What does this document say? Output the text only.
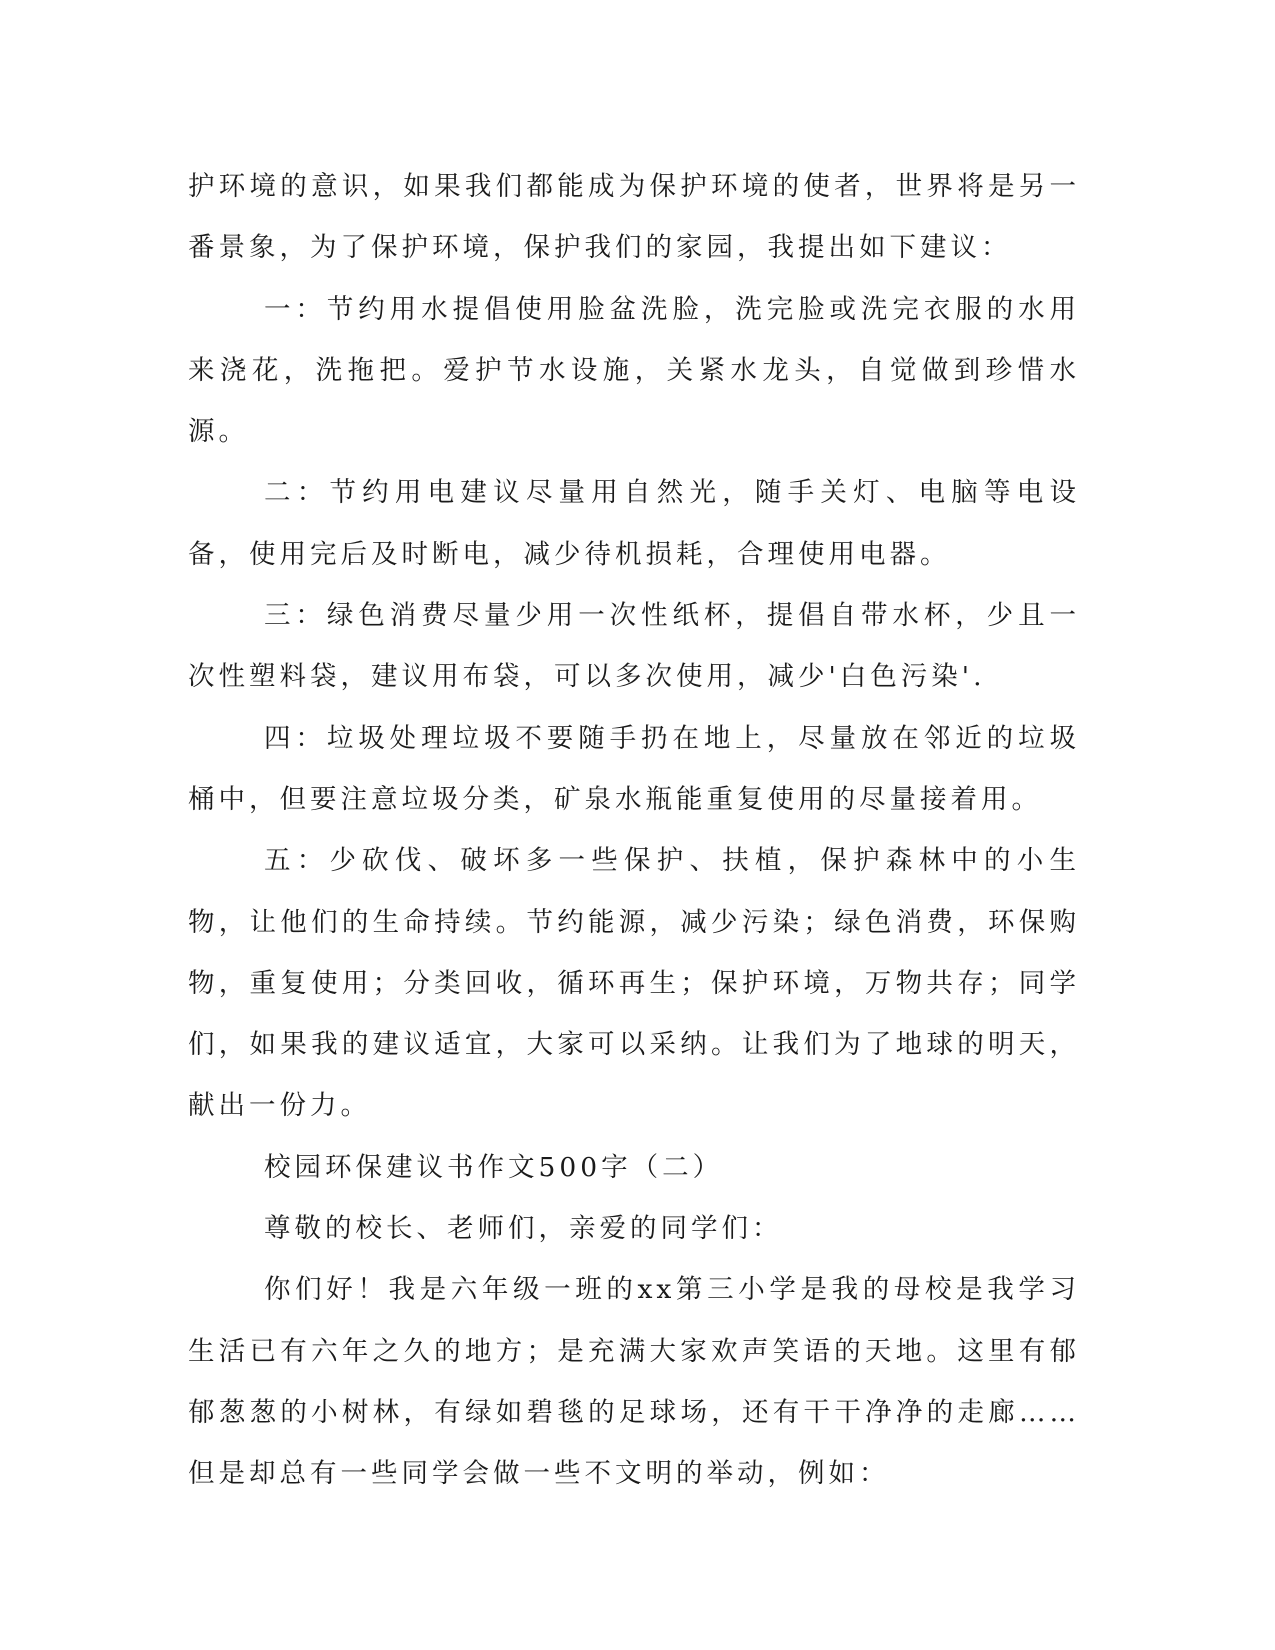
护环境的意识，如果我们都能成为保护环境的使者，世界将是另一番景象，为了保护环境，保护我们的家园，我提出如下建议：

一：节约用水提倡使用脸盆洗脸，洗完脸或洗完衣服的水用来浇花，洗拖把。爱护节水设施，关紧水龙头，自觉做到珍惜水源。

二：节约用电建议尽量用自然光，随手关灯、电脑等电设备，使用完后及时断电，减少待机损耗，合理使用电器。

三：绿色消费尽量少用一次性纸杯，提倡自带水杯，少且一次性塑料袋，建议用布袋，可以多次使用，减少'白色污染'.

四：垃圾处理垃圾不要随手扔在地上，尽量放在邻近的垃圾桶中，但要注意垃圾分类，矿泉水瓶能重复使用的尽量接着用。

五：少砍伐、破坏多一些保护、扶植，保护森林中的小生物，让他们的生命持续。节约能源，减少污染；绿色消费，环保购物，重复使用；分类回收，循环再生；保护环境，万物共存；同学们，如果我的建议适宜，大家可以采纳。让我们为了地球的明天，献出一份力。

校园环保建议书作文500字（二）

尊敬的校长、老师们，亲爱的同学们：

你们好！我是六年级一班的xx第三小学是我的母校是我学习生活已有六年之久的地方；是充满大家欢声笑语的天地。这里有郁郁葱葱的小树林，有绿如碧毯的足球场，还有干干净净的走廊……但是却总有一些同学会做一些不文明的举动，例如：
